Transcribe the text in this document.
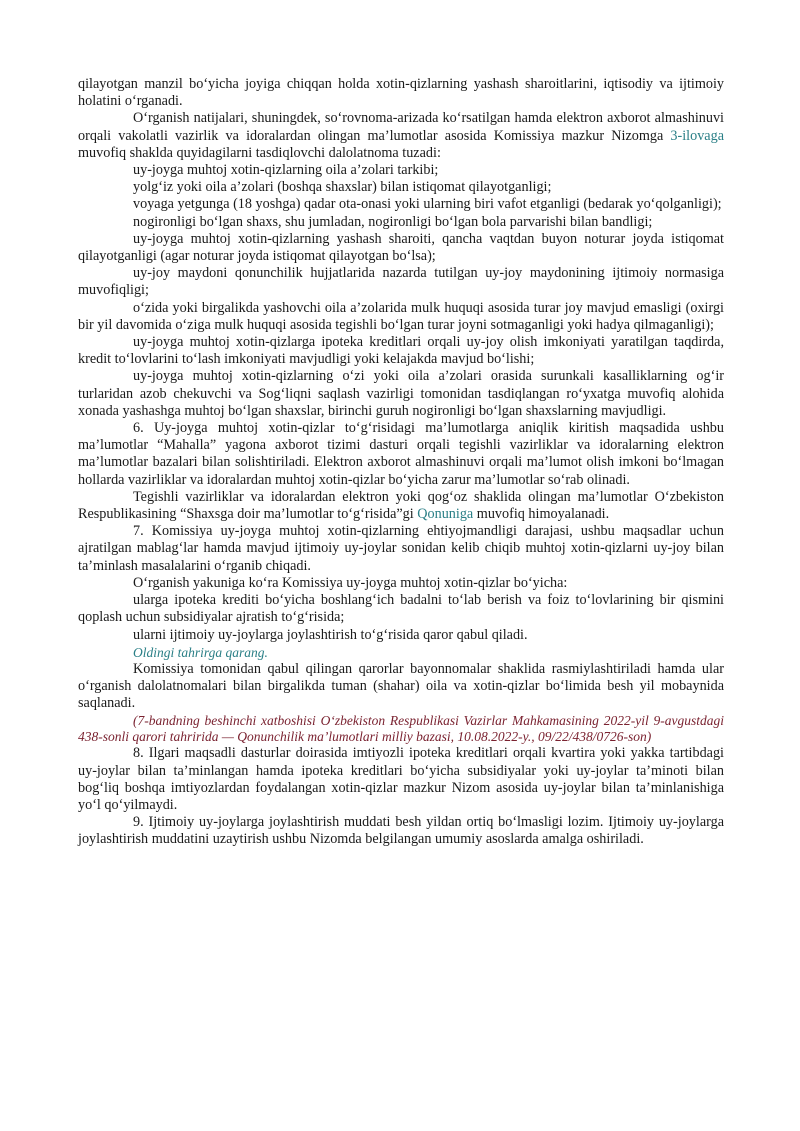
qilayotgan manzil bo‘yicha joyiga chiqqan holda xotin-qizlarning yashash sharoitlarini, iqtisodiy va ijtimoiy holatini o‘rganadi.

O‘rganish natijalari, shuningdek, so‘rovnoma-arizada ko‘rsatilgan hamda elektron axborot almashinuvi orqali vakolatli vazirlik va idoralardan olingan ma’lumotlar asosida Komissiya mazkur Nizomga 3-ilovaga muvofiq shaklda quyidagilarni tasdiqlovchi dalolatnoma tuzadi:

uy-joyga muhtoj xotin-qizlarning oila a’zolari tarkibi;

yolg‘iz yoki oila a’zolari (boshqa shaxslar) bilan istiqomat qilayotganligi;

voyaga yetgunga (18 yoshga) qadar ota-onasi yoki ularning biri vafot etganligi (bedarak yo‘qolganligi);

nogironligi bo‘lgan shaxs, shu jumladan, nogironligi bo‘lgan bola parvarishi bilan bandligi;

uy-joyga muhtoj xotin-qizlarning yashash sharoiti, qancha vaqtdan buyon noturar joyda istiqomat qilayotganligi (agar noturar joyda istiqomat qilayotgan bo‘lsa);

uy-joy maydoni qonunchilik hujjatlarida nazarda tutilgan uy-joy maydonining ijtimoiy normasiga muvofiqligi;

o‘zida yoki birgalikda yashovchi oila a’zolarida mulk huquqi asosida turar joy mavjud emasligi (oxirgi bir yil davomida o‘ziga mulk huquqi asosida tegishli bo‘lgan turar joyni sotmaganligi yoki hadya qilmaganligi);

uy-joyga muhtoj xotin-qizlarga ipoteka kreditlari orqali uy-joy olish imkoniyati yaratilgan taqdirda, kredit to‘lovlarini to‘lash imkoniyati mavjudligi yoki kelajakda mavjud bo‘lishi;

uy-joyga muhtoj xotin-qizlarning o‘zi yoki oila a’zolari orasida surunkali kasalliklarning og‘ir turlaridan azob chekuvchi va Sog‘liqni saqlash vazirligi tomonidan tasdiqlangan ro‘yxatga muvofiq alohida xonada yashashga muhtoj bo‘lgan shaxslar, birinchi guruh nogironligi bo‘lgan shaxslarning mavjudligi.

6. Uy-joyga muhtoj xotin-qizlar to‘g‘risidagi ma’lumotlarga aniqlik kiritish maqsadida ushbu ma’lumotlar “Mahalla” yagona axborot tizimi dasturi orqali tegishli vazirliklar va idoralarning elektron ma’lumotlar bazalari bilan solishtiriladi. Elektron axborot almashinuvi orqali ma’lumot olish imkoni bo‘lmagan hollarda vazirliklar va idoralardan muhtoj xotin-qizlar bo‘yicha zarur ma’lumotlar so‘rab olinadi.

Tegishli vazirliklar va idoralardan elektron yoki qog‘oz shaklida olingan ma’lumotlar O‘zbekiston Respublikasining “Shaxsga doir ma’lumotlar to‘g‘risida”gi Qonuniga muvofiq himoyalanadi.

7. Komissiya uy-joyga muhtoj xotin-qizlarning ehtiyojmandligi darajasi, ushbu maqsadlar uchun ajratilgan mablag‘lar hamda mavjud ijtimoiy uy-joylar sonidan kelib chiqib muhtoj xotin-qizlarni uy-joy bilan ta’minlash masalalarini o‘rganib chiqadi.

O‘rganish yakuniga ko‘ra Komissiya uy-joyga muhtoj xotin-qizlar bo‘yicha:

ularga ipoteka krediti bo‘yicha boshlang‘ich badalni to‘lab berish va foiz to‘lovlarining bir qismini qoplash uchun subsidiyalar ajratish to‘g‘risida;

ularni ijtimoiy uy-joylarga joylashtirish to‘g‘risida qaror qabul qiladi.

Oldingi tahrirga qarang.

Komissiya tomonidan qabul qilingan qarorlar bayonnomalar shaklida rasmiylashtiriladi hamda ular o‘rganish dalolatnomalari bilan birgalikda tuman (shahar) oila va xotin-qizlar bo‘limida besh yil mobaynida saqlanadi.

(7-bandning beshinchi xatboshisi O‘zbekiston Respublikasi Vazirlar Mahkamasining 2022-yil 9-avgustdagi 438-sonli qarori tahririda — Qonunchilik ma’lumotlari milliy bazasi, 10.08.2022-y., 09/22/438/0726-son)

8. Ilgari maqsadli dasturlar doirasida imtiyozli ipoteka kreditlari orqali kvartira yoki yakka tartibdagi uy-joylar bilan ta’minlangan hamda ipoteka kreditlari bo‘yicha subsidiyalar yoki uy-joylar ta’minoti bilan bog‘liq boshqa imtiyozlardan foydalangan xotin-qizlar mazkur Nizom asosida uy-joylar bilan ta’minlanishiga yo‘l qo‘yilmaydi.

9. Ijtimoiy uy-joylarga joylashtirish muddati besh yildan ortiq bo‘lmasligi lozim. Ijtimoiy uy-joylarga joylashtirish muddatini uzaytirish ushbu Nizomda belgilangan umumiy asoslarda amalga oshiriladi.
